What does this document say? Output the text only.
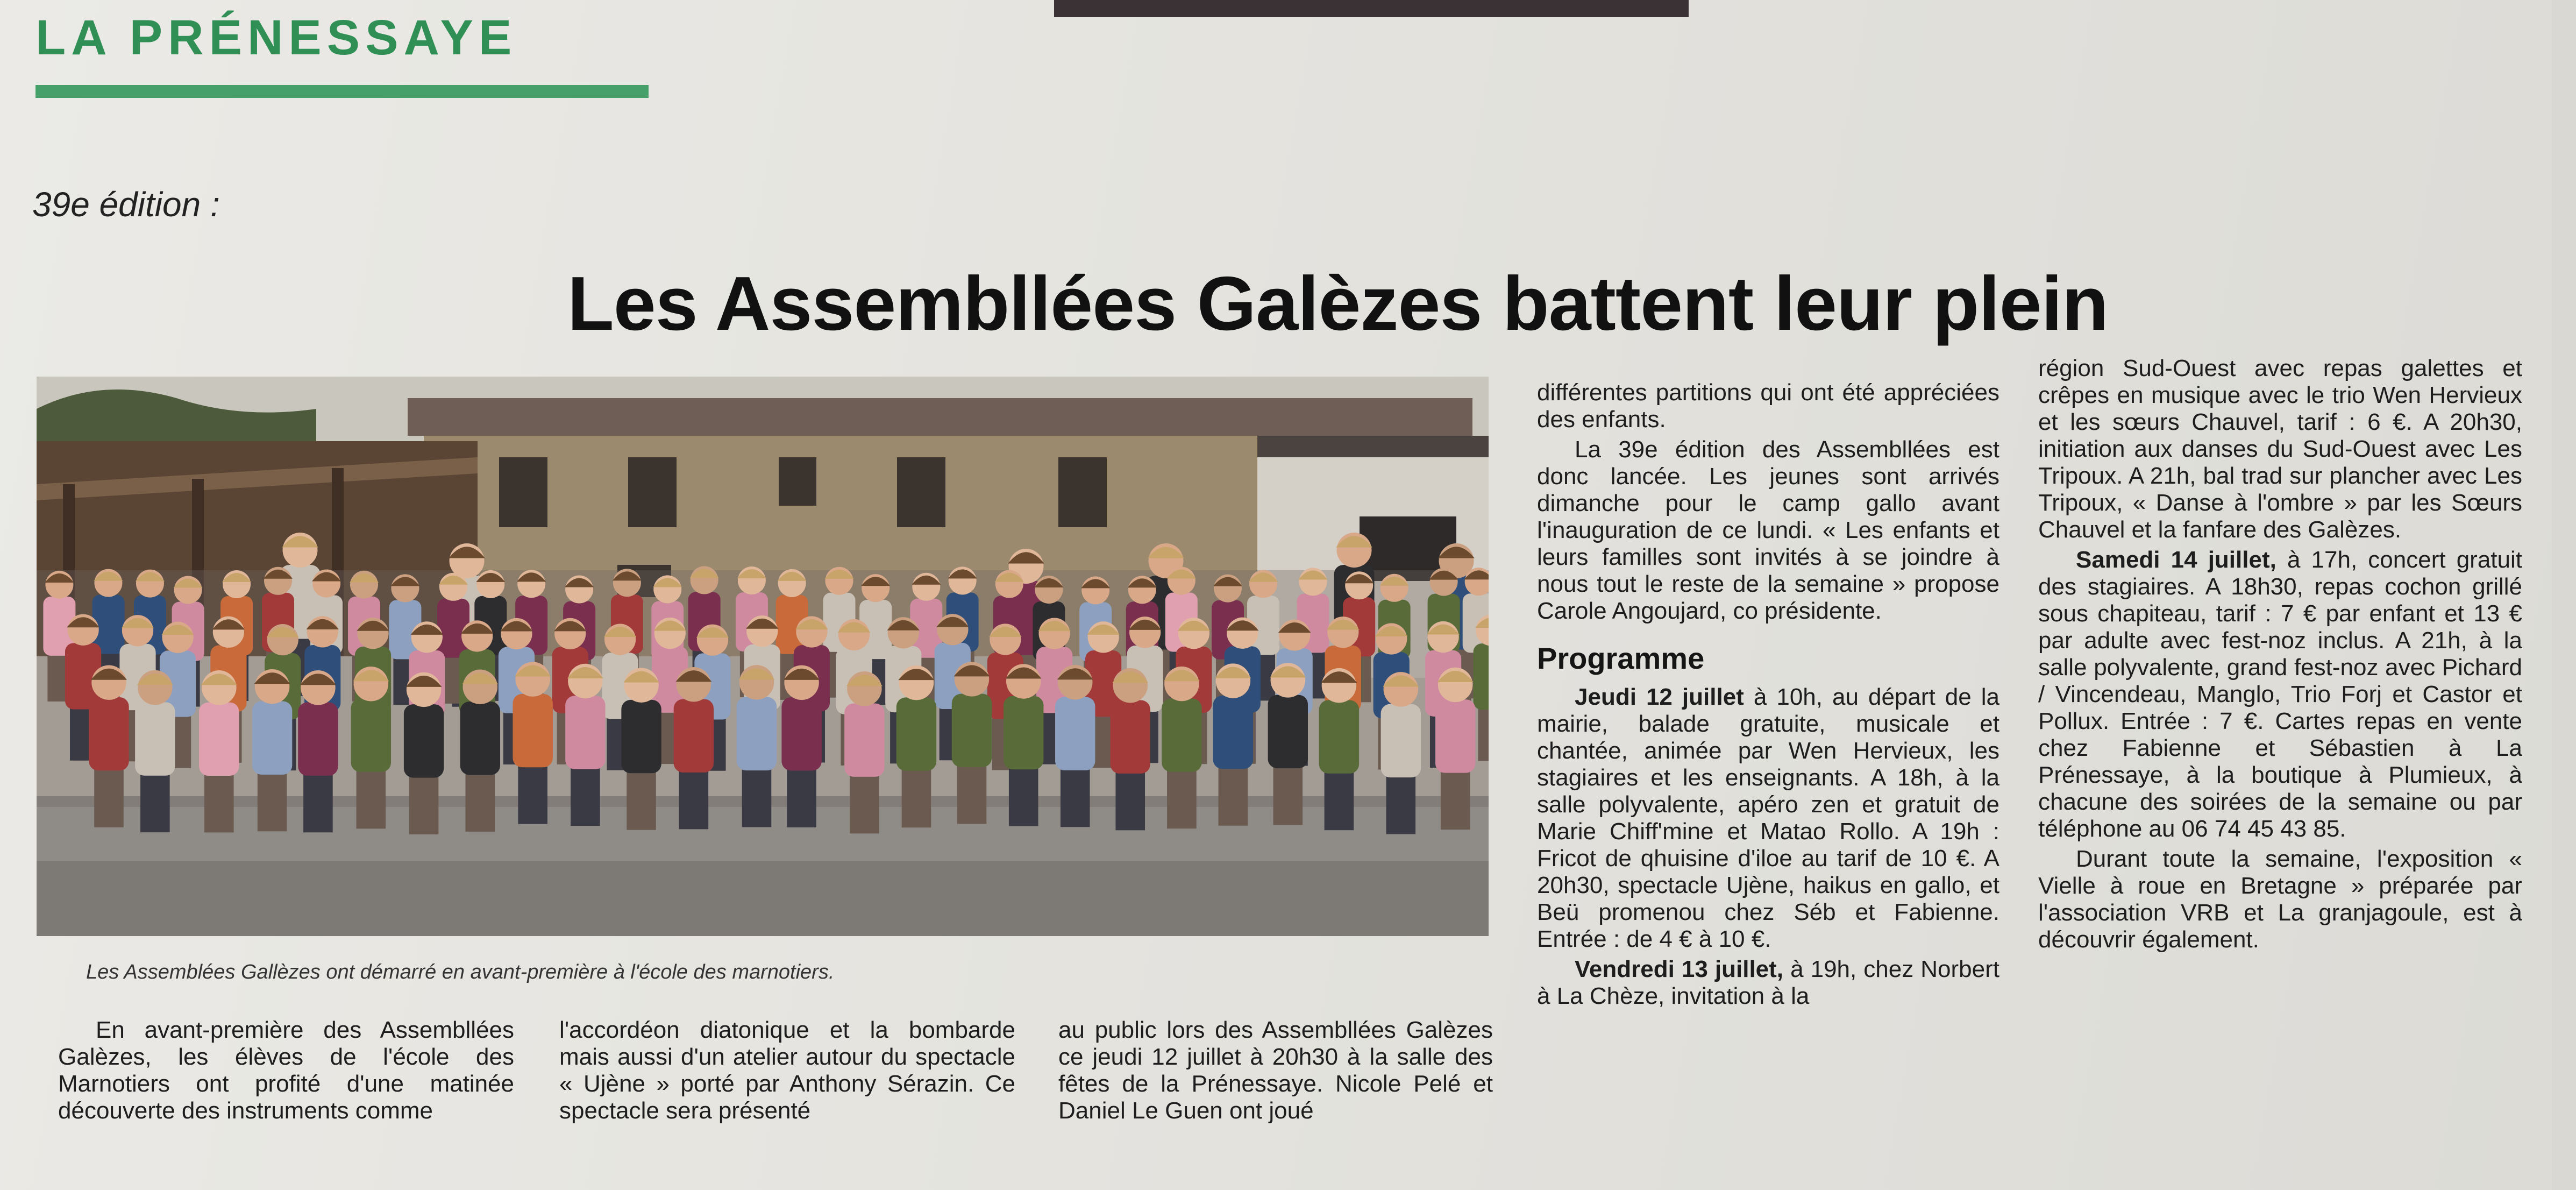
LA PRÉNESSAYE
39e édition :
Les Assembllées Galèzes battent leur plein
Les Assemblées Gallèzes ont démarré en avant-première à l'école des marnotiers.

En avant-première des Assembllées Galèzes, les élèves de l'école des Marnotiers ont profité d'une matinée découverte des instruments comme

l'accordéon diatonique et la bombarde mais aussi d'un atelier autour du spectacle « Ujène » porté par Anthony Sérazin. Ce spectacle sera présenté

au public lors des Assembllées Galèzes ce jeudi 12 juillet à 20h30 à la salle des fêtes de la Prénessaye. Nicole Pelé et Daniel Le Guen ont joué

différentes partitions qui ont été appréciées des enfants.

La 39e édition des Assembllées est donc lancée. Les jeunes sont arrivés dimanche pour le camp gallo avant l'inauguration de ce lundi. « Les enfants et leurs familles sont invités à se joindre à nous tout le reste de la semaine » propose Carole Angoujard, co présidente.

Programme

Jeudi 12 juillet à 10h, au départ de la mairie, balade gratuite, musicale et chantée, animée par Wen Hervieux, les stagiaires et les enseignants. A 18h, à la salle polyvalente, apéro zen et gratuit de Marie Chiff'mine et Matao Rollo. A 19h : Fricot de qhuisine d'iloe au tarif de 10 €. A 20h30, spectacle Ujène, haikus en gallo, et Beü promenou chez Séb et Fabienne. Entrée : de 4 € à 10 €.

Vendredi 13 juillet, à 19h, chez Norbert à La Chèze, invitation à la

région Sud-Ouest avec repas galettes et crêpes en musique avec le trio Wen Hervieux et les sœurs Chauvel, tarif : 6 €. A 20h30, initiation aux danses du Sud-Ouest avec Les Tripoux. A 21h, bal trad sur plancher avec Les Tripoux, « Danse à l'ombre » par les Sœurs Chauvel et la fanfare des Galèzes.

Samedi 14 juillet, à 17h, concert gratuit des stagiaires. A 18h30, repas cochon grillé sous chapiteau, tarif : 7 € par enfant et 13 € par adulte avec fest-noz inclus. A 21h, à la salle polyvalente, grand fest-noz avec Pichard / Vincendeau, Manglo, Trio Forj et Castor et Pollux. Entrée : 7 €. Cartes repas en vente chez Fabienne et Sébastien à La Prénessaye, à la boutique à Plumieux, à chacune des soirées de la semaine ou par téléphone au 06 74 45 43 85.

Durant toute la semaine, l'exposition « Vielle à roue en Bretagne » préparée par l'association VRB et La granjagoule, est à découvrir également.
